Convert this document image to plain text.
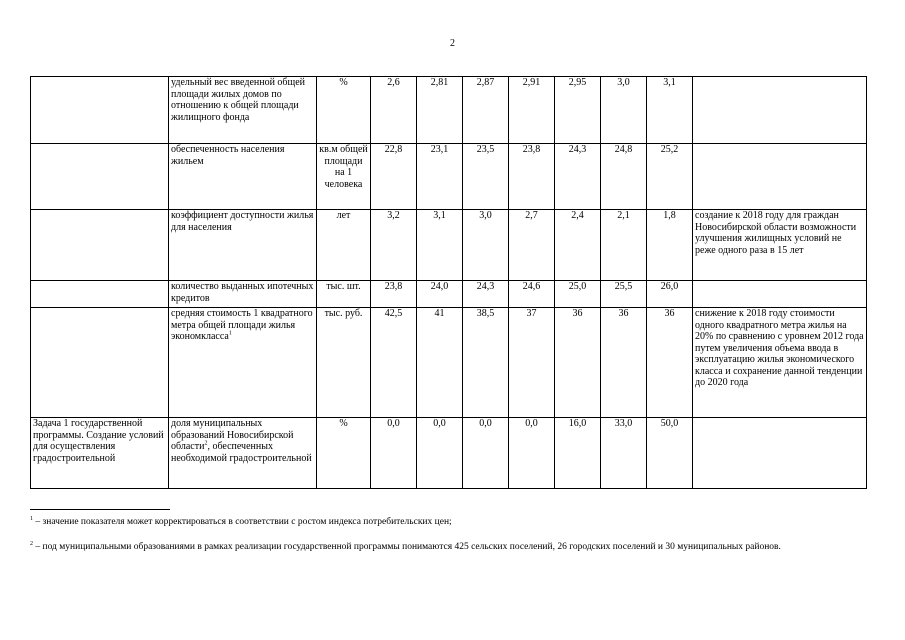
2
	удельный вес введенной общей площади жилых домов по отношению к общей площади жилищного фонда	%	2,6	2,81	2,87	2,91	2,95	3,0	3,1	
	обеспеченность населения жильем	кв.м общей площади на 1 человека	22,8	23,1	23,5	23,8	24,3	24,8	25,2	
	коэффициент доступности жилья для населения	лет	3,2	3,1	3,0	2,7	2,4	2,1	1,8	создание к 2018 году для граждан Новосибирской области возможности улучшения жилищных условий не реже одного раза в 15 лет
	количество выданных ипотечных кредитов	тыс. шт.	23,8	24,0	24,3	24,6	25,0	25,5	26,0	
	средняя стоимость 1 квадратного метра общей площади жилья экономкласса$^1$	тыс. руб.	42,5	41	38,5	37	36	36	36	снижение к 2018 году стоимости одного квадратного метра жилья на 20% по сравнению с уровнем 2012 года путем увеличения объема ввода в эксплуатацию жилья экономического класса и сохранение данной тенденции до 2020 года

Задача 1 государственной программы. Создание условий для осуществления градостроительной	доля муниципальных образований Новосибирской области$^2$, обеспеченных необходимой градостроительной	%	0,0	0,0	0,0	0,0	16,0	33,0	50,0	
$^1$ – значение показателя может корректироваться в соответствии с ростом индекса потребительских цен;
$^2$ – под муниципальными образованиями в рамках реализации государственной программы понимаются 425 сельских поселений, 26 городских поселений и 30 муниципальных районов.
